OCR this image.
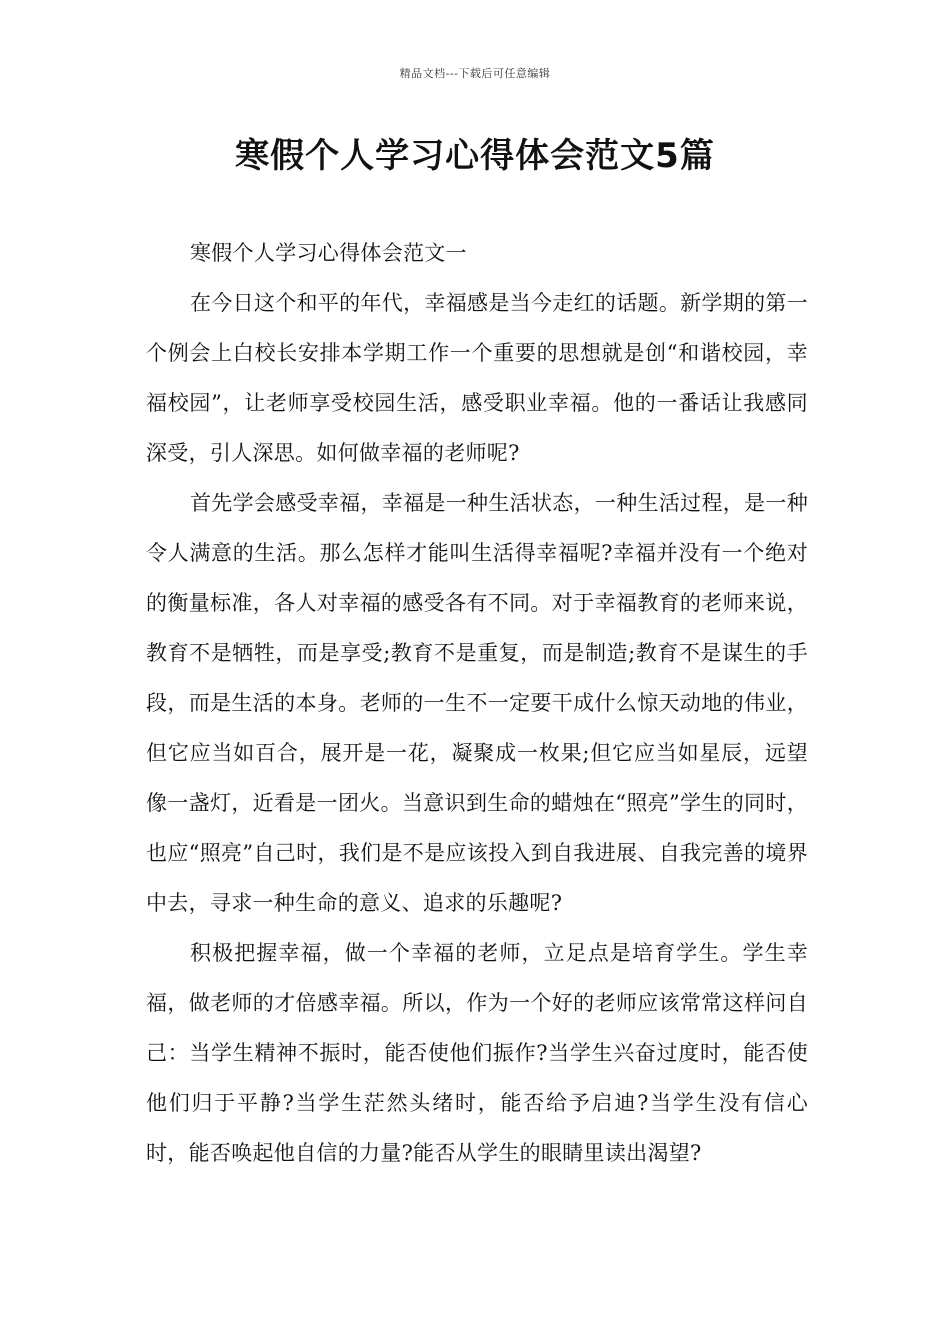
精品文档---下载后可任意编辑
寒假个人学习心得体会范文5篇

寒假个人学习心得体会范文一

在今日这个和平的年代，幸福感是当今走红的话题。新学期的第一个例会上白校长安排本学期工作一个重要的思想就是创“和谐校园，幸福校园”，让老师享受校园生活，感受职业幸福。他的一番话让我感同深受，引人深思。如何做幸福的老师呢?

首先学会感受幸福，幸福是一种生活状态，一种生活过程，是一种令人满意的生活。那么怎样才能叫生活得幸福呢?幸福并没有一个绝对的衡量标准，各人对幸福的感受各有不同。对于幸福教育的老师来说，教育不是牺牲，而是享受;教育不是重复，而是制造;教育不是谋生的手段，而是生活的本身。老师的一生不一定要干成什么惊天动地的伟业，但它应当如百合，展开是一花，凝聚成一枚果;但它应当如星辰，远望像一盏灯，近看是一团火。当意识到生命的蜡烛在“照亮”学生的同时，也应“照亮”自己时，我们是不是应该投入到自我进展、自我完善的境界中去，寻求一种生命的意义、追求的乐趣呢?

积极把握幸福，做一个幸福的老师，立足点是培育学生。学生幸福，做老师的才倍感幸福。所以，作为一个好的老师应该常常这样问自己：当学生精神不振时，能否使他们振作?当学生兴奋过度时，能否使他们归于平静?当学生茫然头绪时，能否给予启迪?当学生没有信心时，能否唤起他自信的力量?能否从学生的眼睛里读出渴望?
